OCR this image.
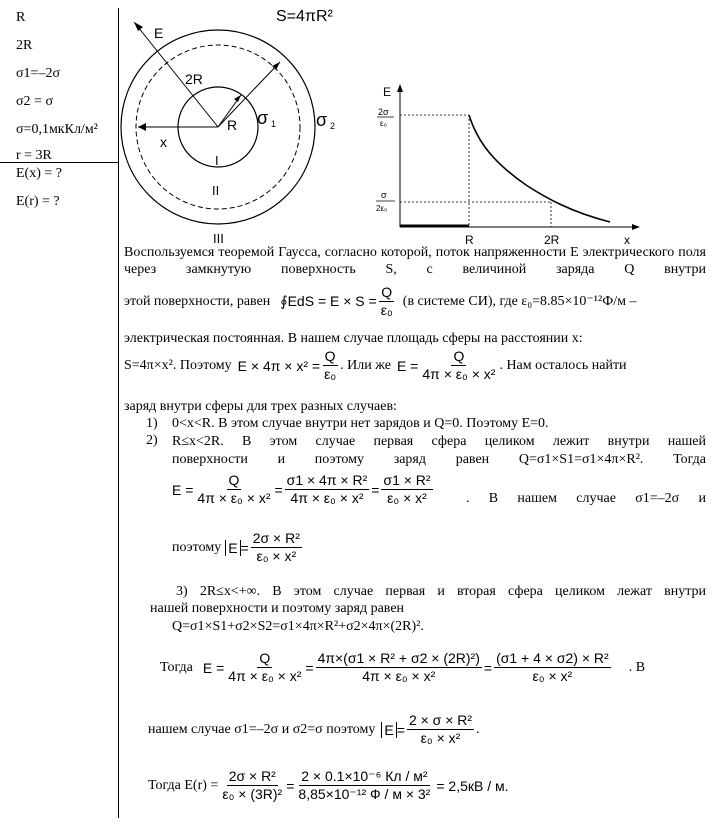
R
2R
σ1=–2σ
σ2 = σ
σ=0,1мкКл/м²
r = 3R
E(x) = ?
E(r) = ?
E
2R
x
R σ 1 σ 2
I
II
III
S=4πR²
E
x
2σ
ε₀
σ
2ε₀
R	2R
Воспользуемся теоремой Гаусса, согласно которой, поток напряженности E электрического поля через замкнутую поверхность S, с величиной заряда Q внутри
этой поверхности, равен ∮EdS = $E \times S = \frac{Q}{\text{ε₀}} (в$ системе СИ), где ε₀=8.85×10⁻¹²Ф/м –
электрическая постоянная. В нашем случае площадь сферы на расстоянии x:
S=4π×x². Поэтому $E \times 4\pi \times x^2 = \frac{Q}{\text{ε₀}}$ . Или же $E = \frac{Q}{\text{4π × ε₀ × x²}}$ . Нам осталось найти
заряд внутри сферы для трех разных случаев:
1) 0<x<R. В этом случае внутри нет зарядов и Q=0. Поэтому E=0.
2) R≤x<2R. В этом случае первая сфера целиком лежит внутри нашей
поверхности и поэтому заряд равен Q=σ1×S1=σ1×4π×R². Тогда
$E = \frac{Q}{\text{4π × ε₀ × x²}} = \frac{\text{σ1 × 4π × R²}}{\text{4π × ε₀ × x²}} = \frac{\text{σ1 × R²}}{\text{ε₀ × x²}}$ . В нашем случае σ1=–2σ и
поэтому $E = \frac{\text{2σ × R²}}{\text{ε₀ × x²}}$
3) 2R≤x<+∞. В этом случае первая и вторая сфера целиком лежат внутри
нашей поверхности и поэтому заряд равен
Q=σ1×S1+σ2×S2=σ1×4π×R²+σ2×4π×(2R)².
Тогда $E = \frac{Q}{\text{4π × ε₀ × x²}} = \frac{\text{4π×(σ1 × R² + σ2 × (2R)²)}}{\text{4π × ε₀ × x²}} = \frac{\text{(σ1 + 4 × σ2) × R²}}{\text{ε₀ × x²}}$ . В
нашем случае σ1=–2σ и σ2=σ поэтому $E = \frac{\text{2 × σ × R²}}{\text{ε₀ × x²}}$ .
Тогда $E(r) = \frac{\text{2σ × R²}}{\text{ε₀ × (3R)²}} = \frac{\text{2 × 0.1×10⁻⁶ Кл / м²}}{\text{8,85×10⁻¹² Ф / м × 3²}} = 2,5кВ / м$.
